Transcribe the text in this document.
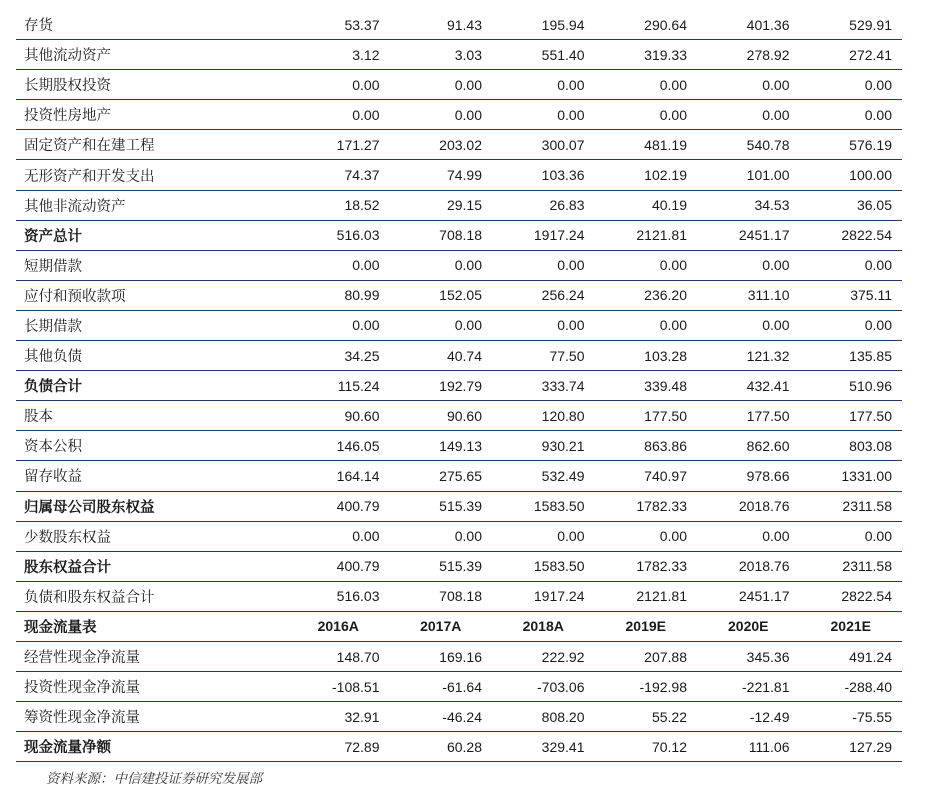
存货	53.37	91.43	195.94	290.64	401.36	529.91
其他流动资产	3.12	3.03	551.40	319.33	278.92	272.41
长期股权投资	0.00	0.00	0.00	0.00	0.00	0.00
投资性房地产	0.00	0.00	0.00	0.00	0.00	0.00
固定资产和在建工程	171.27	203.02	300.07	481.19	540.78	576.19
无形资产和开发支出	74.37	74.99	103.36	102.19	101.00	100.00
其他非流动资产	18.52	29.15	26.83	40.19	34.53	36.05
资产总计	516.03	708.18	1917.24	2121.81	2451.17	2822.54
短期借款	0.00	0.00	0.00	0.00	0.00	0.00
应付和预收款项	80.99	152.05	256.24	236.20	311.10	375.11
长期借款	0.00	0.00	0.00	0.00	0.00	0.00
其他负债	34.25	40.74	77.50	103.28	121.32	135.85
负债合计	115.24	192.79	333.74	339.48	432.41	510.96
股本	90.60	90.60	120.80	177.50	177.50	177.50
资本公积	146.05	149.13	930.21	863.86	862.60	803.08
留存收益	164.14	275.65	532.49	740.97	978.66	1331.00
归属母公司股东权益	400.79	515.39	1583.50	1782.33	2018.76	2311.58
少数股东权益	0.00	0.00	0.00	0.00	0.00	0.00
股东权益合计	400.79	515.39	1583.50	1782.33	2018.76	2311.58
负债和股东权益合计	516.03	708.18	1917.24	2121.81	2451.17	2822.54
现金流量表	2016A	2017A	2018A	2019E	2020E	2021E
经营性现金净流量	148.70	169.16	222.92	207.88	345.36	491.24
投资性现金净流量	-108.51	-61.64	-703.06	-192.98	-221.81	-288.40
筹资性现金净流量	32.91	-46.24	808.20	55.22	-12.49	-75.55
现金流量净额	72.89	60.28	329.41	70.12	111.06	127.29
资料来源：中信建投证券研究发展部
